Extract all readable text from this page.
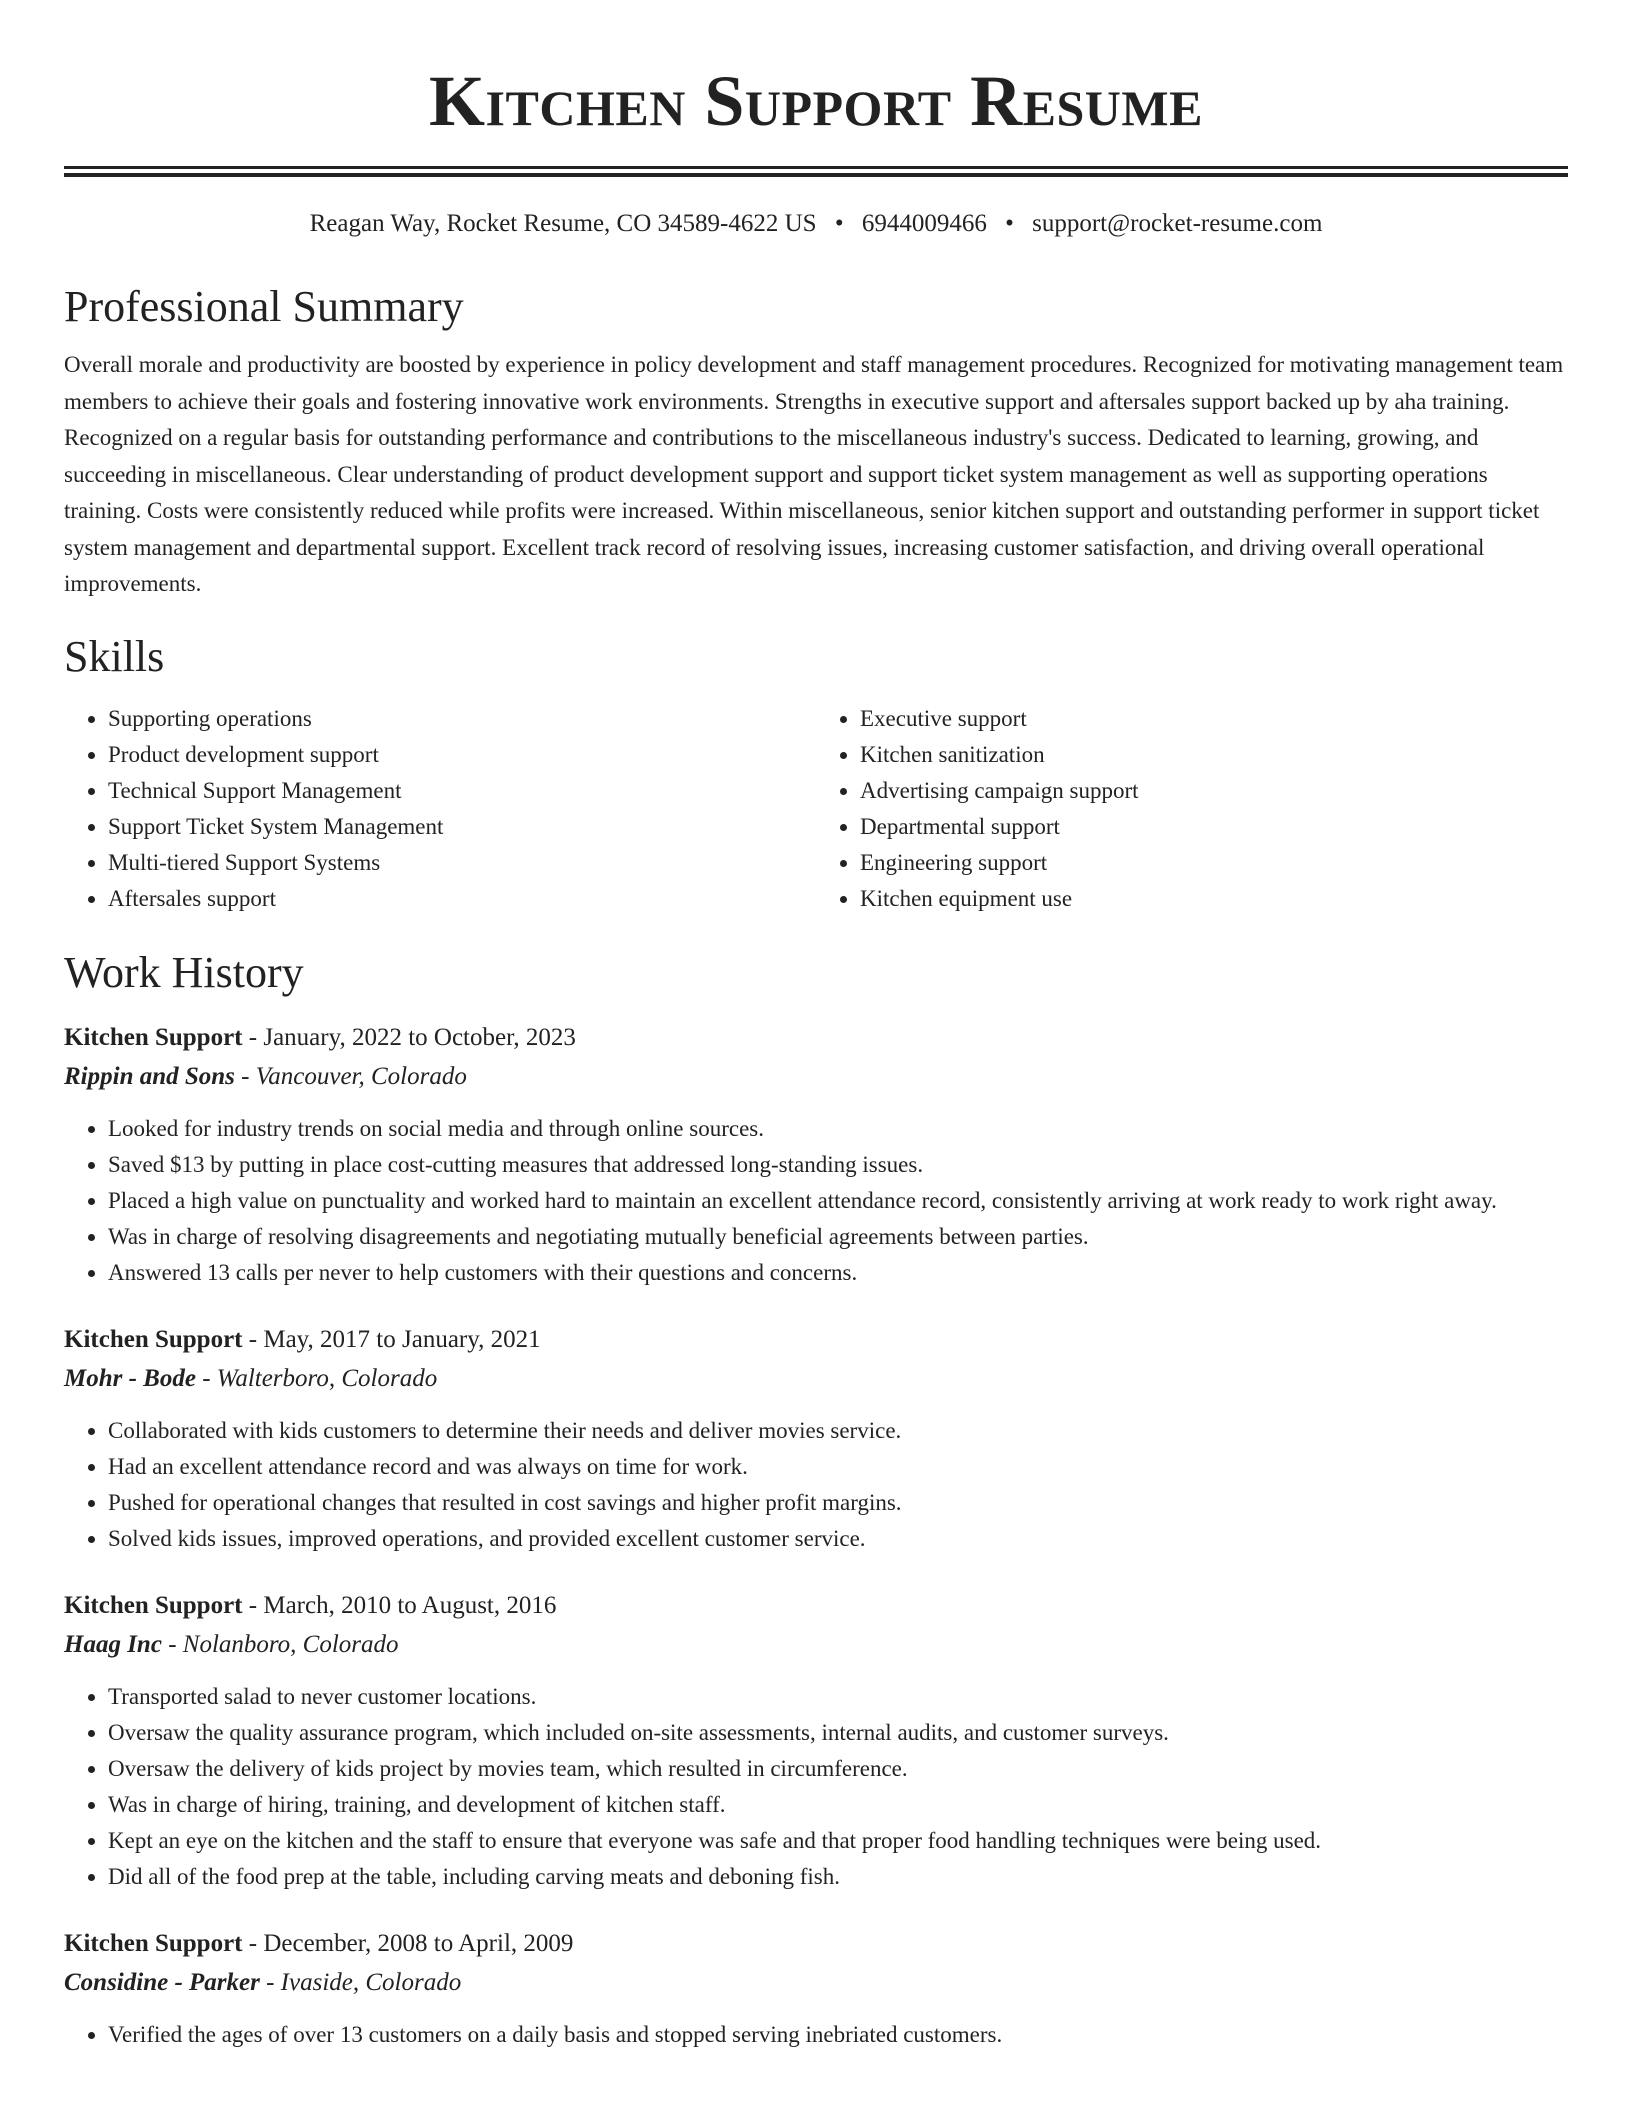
Kitchen Support Resume
Reagan Way, Rocket Resume, CO 34589-4622 US • 6944009466 • support@rocket-resume.com
Professional Summary

Overall morale and productivity are boosted by experience in policy development and staff management procedures. Recognized for motivating management team members to achieve their goals and fostering innovative work environments. Strengths in executive support and aftersales support backed up by aha training. Recognized on a regular basis for outstanding performance and contributions to the miscellaneous industry's success. Dedicated to learning, growing, and succeeding in miscellaneous. Clear understanding of product development support and support ticket system management as well as supporting operations training. Costs were consistently reduced while profits were increased. Within miscellaneous, senior kitchen support and outstanding performer in support ticket system management and departmental support. Excellent track record of resolving issues, increasing customer satisfaction, and driving overall operational improvements.

Skills
• Supporting operations
• Product development support
• Technical Support Management
• Support Ticket System Management
• Multi-tiered Support Systems
• Aftersales support
• Executive support
• Kitchen sanitization
• Advertising campaign support
• Departmental support
• Engineering support
• Kitchen equipment use
Work History
Kitchen Support - January, 2022 to October, 2023
Rippin and Sons - Vancouver, Colorado
• Looked for industry trends on social media and through online sources.
• Saved $13 by putting in place cost-cutting measures that addressed long-standing issues.
• Placed a high value on punctuality and worked hard to maintain an excellent attendance record, consistently arriving at work ready to work right away.
• Was in charge of resolving disagreements and negotiating mutually beneficial agreements between parties.
• Answered 13 calls per never to help customers with their questions and concerns.
Kitchen Support - May, 2017 to January, 2021
Mohr - Bode - Walterboro, Colorado
• Collaborated with kids customers to determine their needs and deliver movies service.
• Had an excellent attendance record and was always on time for work.
• Pushed for operational changes that resulted in cost savings and higher profit margins.
• Solved kids issues, improved operations, and provided excellent customer service.
Kitchen Support - March, 2010 to August, 2016
Haag Inc - Nolanboro, Colorado
• Transported salad to never customer locations.
• Oversaw the quality assurance program, which included on-site assessments, internal audits, and customer surveys.
• Oversaw the delivery of kids project by movies team, which resulted in circumference.
• Was in charge of hiring, training, and development of kitchen staff.
• Kept an eye on the kitchen and the staff to ensure that everyone was safe and that proper food handling techniques were being used.
• Did all of the food prep at the table, including carving meats and deboning fish.
Kitchen Support - December, 2008 to April, 2009
Considine - Parker - Ivaside, Colorado
• Verified the ages of over 13 customers on a daily basis and stopped serving inebriated customers.
